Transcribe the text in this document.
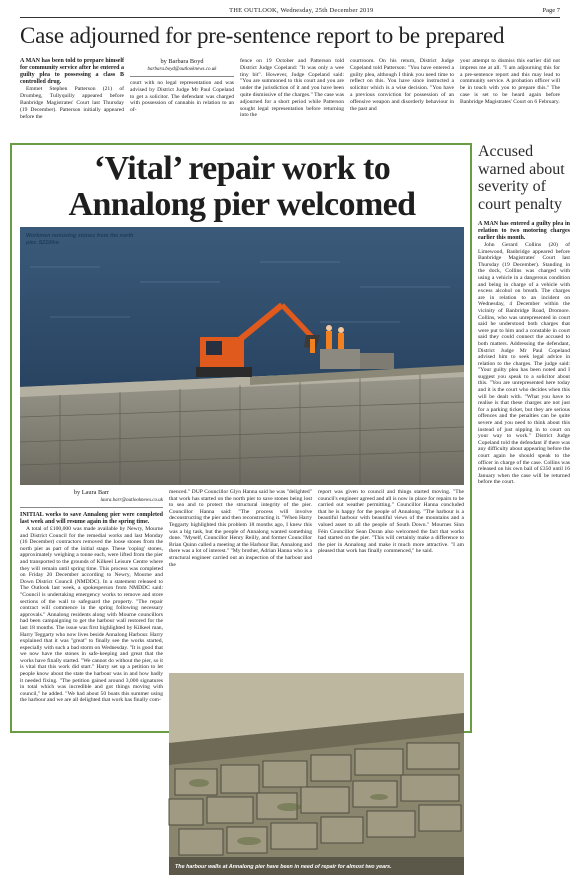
THE OUTLOOK, Wednesday, 25th December 2019	Page 7
Case adjourned for pre-sentence report to be prepared

A MAN has been told to prepare himself for community service after he entered a guilty plea to possessing a class B controlled drug.

Emmet Stephen Patterson (21) of Drumbeg, Tullyquilly appeared before Banbridge Magistrates' Court last Thursday (19 December). Patterson initially appeared before the

by Barbara Boyd
barbara.boyd@outlooknews.co.uk

court with no legal representation and was advised by District Judge Mr Paul Copeland to get a solicitor. The defendant was charged with possession of cannabis in relation to an of-

fence on 19 October and Patterson told District Judge Copeland: "It was only a wee tiny bit". However, Judge Copeland said: "You are summoned to this court and you are under the jurisdiction of it and you have been quite dismissive of the charges." The case was adjourned for a short period while Patterson sought legal representation before returning into the

courtroom. On his return, District Judge Copeland told Patterson: "You have entered a guilty plea, although I think you need time to reflect on this. You have since instructed a solicitor which is a wise decision. "You have a previous conviction for possession of an offensive weapon and disorderly behaviour in the past and

your attempt to dismiss this earlier did not impress me at all. "I am adjourning this for a pre-sentence report and this may lead to community service. A probation officer will be in touch with you to prepare this." The case is set to be heard again before Banbridge Magistrates' Court on 6 February.

‘Vital’ repair work to Annalong pier welcomed
Workmen removing stones from the north pier. S2100m
by Laura Barr
laura.barr@outlooknews.co.uk

INITIAL works to save Annalong pier were completed last week and will resume again in the spring time.

A total of £100,000 was made available by Newry, Mourne and District Council for the remedial works and last Monday (16 December) contractors removed the loose stones from the north pier as part of the initial stage. These 'coping' stones, approximately weighing a tonne each, were lifted from the pier and transported to the grounds of Kilkeel Leisure Centre where they will remain until spring time. This process was completed on Friday 20 December according to Newry, Mourne and Down District Council (NMDDC). In a statement released to The Outlook last week, a spokesperson from NMDDC said: "Council is undertaking emergency works to remove and store sections of the wall to safeguard the property. "The repair contract will commence in the spring following necessary approvals." Annalong residents along with Mourne councillors had been campaigning to get the harbour wall restored for the last 18 months. The issue was first highlighted by Kilkeel man, Harry Teggarty who now lives beside Annalong Harbour. Harry explained that it was "great" to finally see the works started, especially with such a bad storm on Wednesday. "It is good that we now have the stones in safe-keeping and great that the works have finally started. "We cannot do without the pier, so it is vital that this work did start." Harry set up a petition to let people know about the state the harbour was in and how badly it needed fixing. "The petition gained around 3,000 signatures in total which was incredible and got things moving with council," he added. "We had about 50 boats this summer using the harbour and we are all delighted that work has finally com-

menced." DUP Councillor Glyn Hanna said he was "delighted" that work has started on the north pier to save stones being lost to sea and to protect the structural integrity of the pier. Councillor Hanna said: "The process will involve deconstructing the pier and then reconstructing it. "When Harry Teggarty highlighted this problem 18 months ago, I knew this was a big task, but the people of Annalong wanted something done. "Myself, Councillor Henry Reilly, and former Councillor Brian Quinn called a meeting at the Harbour Bar, Annalong and there was a lot of interest." "My brother, Adrian Hanna who is a structural engineer carried out an inspection of the harbour and the

report was given to council and things started moving. "The council's engineer agreed and all is now in place for repairs to be carried out weather permitting." Councillor Hanna concluded that he is happy for the people of Annalong. "The harbour is a beautiful harbour with beautiful views of the mountains and a valued asset to all the people of South Down." Mournes Sinn Féin Councillor Sean Doran also welcomed the fact that works had started on the pier. "This will certainly make a difference to the pier in Annalong and make it much more attractive. "I am pleased that work has finally commenced," he said.

The harbour walls at Annalong pier have been in need of repair for almost two years.
Accused warned about severity of court penalty

A MAN has entered a guilty plea in relation to two motoring charges earlier this month.

John Gerard Collins (20) of Limewood, Banbridge appeared before Banbridge Magistrates' Court last Thursday (19 December). Standing in the dock, Collins was charged with using a vehicle in a dangerous condition and being in charge of a vehicle with excess alcohol on breath. The charges are in relation to an incident on Wednesday, 4 December within the vicinity of Banbridge Road, Dromore. Collins, who was unrepresented in court said he understood both charges that were put to him and a constable in court said they could connect the accused to both matters. Addressing the defendant, District Judge Mr Paul Copeland advised him to seek legal advice in relation to the charges. The judge said: "Your guilty plea has been noted and I suggest you speak to a solicitor about this. "You are unrepresented here today and it is the court who decides when this will be dealt with. "What you have to realise is that these charges are not just for a parking ticket, but they are serious offences and the penalties can be quite severe and you need to think about this instead of just nipping in to court on your way to work." District Judge Copeland told the defendant if there was any difficulty about appearing before the court again he should speak to the officer in charge of the case. Collins was released on his own bail of £350 until 16 January when the case will be returned before the court.
